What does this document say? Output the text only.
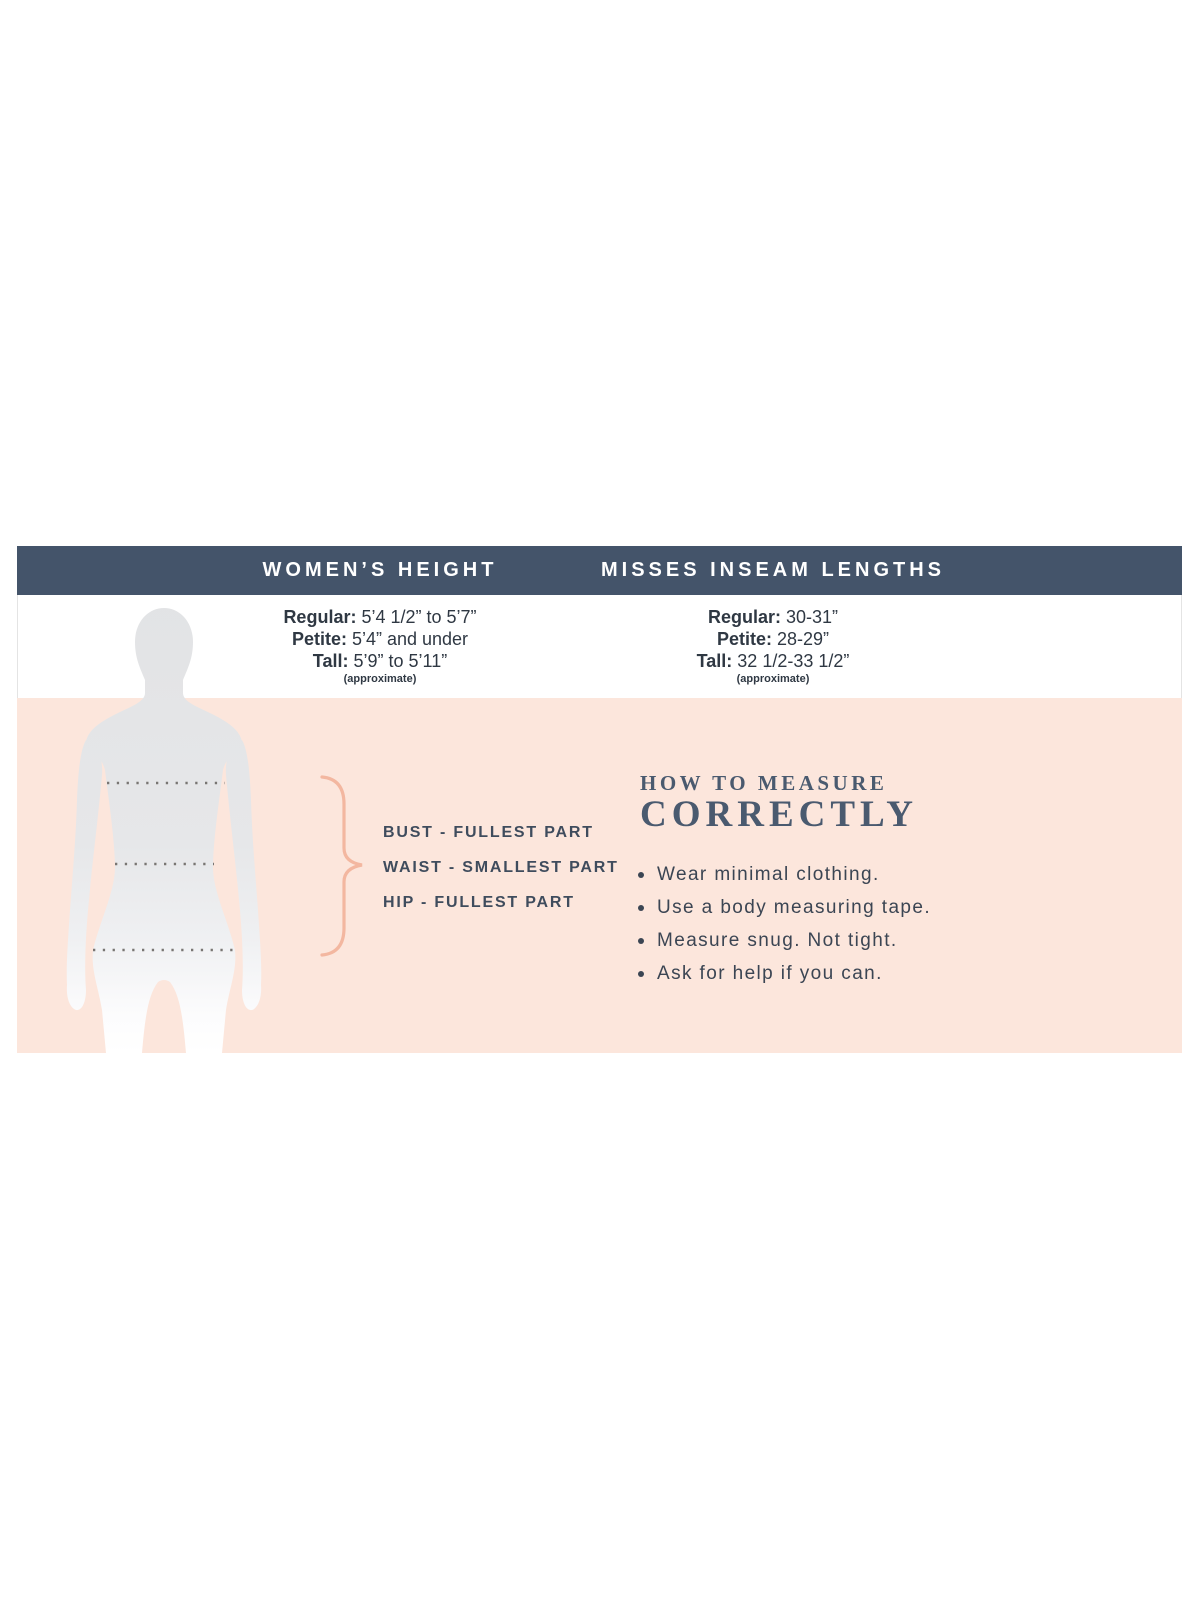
WOMEN’S HEIGHT	MISSES INSEAM LENGTHS
Regular: 5’4 1/2” to 5’7”
Petite: 5’4” and under
Tall: 5’9” to 5’11”
(approximate)
Regular: 30-31”
Petite: 28-29”
Tall: 32 1/2-33 1/2”
(approximate)
BUST - FULLEST PART
WAIST - SMALLEST PART
HIP - FULLEST PART
HOW TO MEASURE
CORRECTLY
Wear minimal clothing.
Use a body measuring tape.
Measure snug. Not tight.
Ask for help if you can.
